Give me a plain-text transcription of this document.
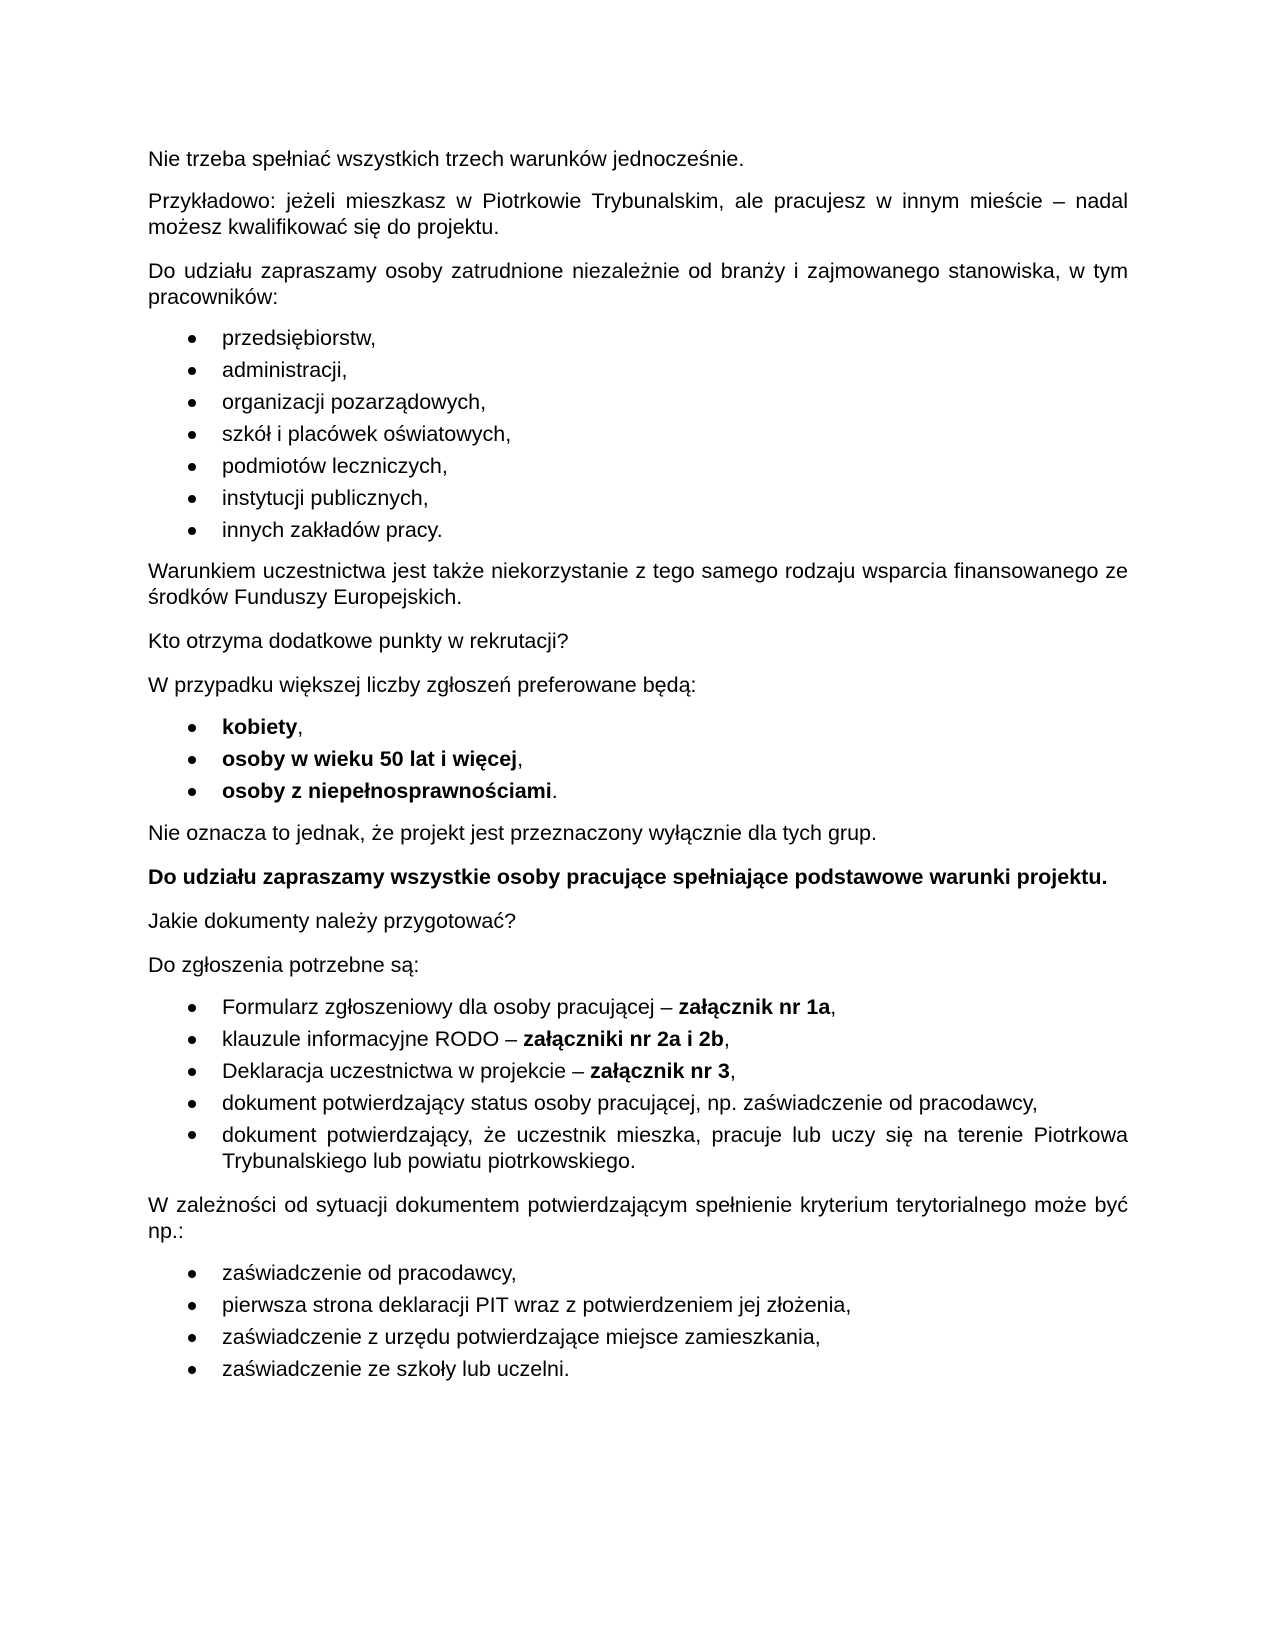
Nie trzeba spełniać wszystkich trzech warunków jednocześnie.

Przykładowo: jeżeli mieszkasz w Piotrkowie Trybunalskim, ale pracujesz w innym mieście – nadal możesz kwalifikować się do projektu.

Do udziału zapraszamy osoby zatrudnione niezależnie od branży i zajmowanego stanowiska, w tym pracowników:

przedsiębiorstw,
administracji,
organizacji pozarządowych,
szkół i placówek oświatowych,
podmiotów leczniczych,
instytucji publicznych,
innych zakładów pracy.

Warunkiem uczestnictwa jest także niekorzystanie z tego samego rodzaju wsparcia finansowanego ze środków Funduszy Europejskich.

Kto otrzyma dodatkowe punkty w rekrutacji?

W przypadku większej liczby zgłoszeń preferowane będą:

kobiety,
osoby w wieku 50 lat i więcej,
osoby z niepełnosprawnościami.

Nie oznacza to jednak, że projekt jest przeznaczony wyłącznie dla tych grup.

Do udziału zapraszamy wszystkie osoby pracujące spełniające podstawowe warunki projektu.

Jakie dokumenty należy przygotować?

Do zgłoszenia potrzebne są:

Formularz zgłoszeniowy dla osoby pracującej – załącznik nr 1a,
klauzule informacyjne RODO – załączniki nr 2a i 2b,
Deklaracja uczestnictwa w projekcie – załącznik nr 3,
dokument potwierdzający status osoby pracującej, np. zaświadczenie od pracodawcy,
dokument potwierdzający, że uczestnik mieszka, pracuje lub uczy się na terenie Piotrkowa Trybunalskiego lub powiatu piotrkowskiego.

W zależności od sytuacji dokumentem potwierdzającym spełnienie kryterium terytorialnego może być np.:

zaświadczenie od pracodawcy,
pierwsza strona deklaracji PIT wraz z potwierdzeniem jej złożenia,
zaświadczenie z urzędu potwierdzające miejsce zamieszkania,
zaświadczenie ze szkoły lub uczelni.
